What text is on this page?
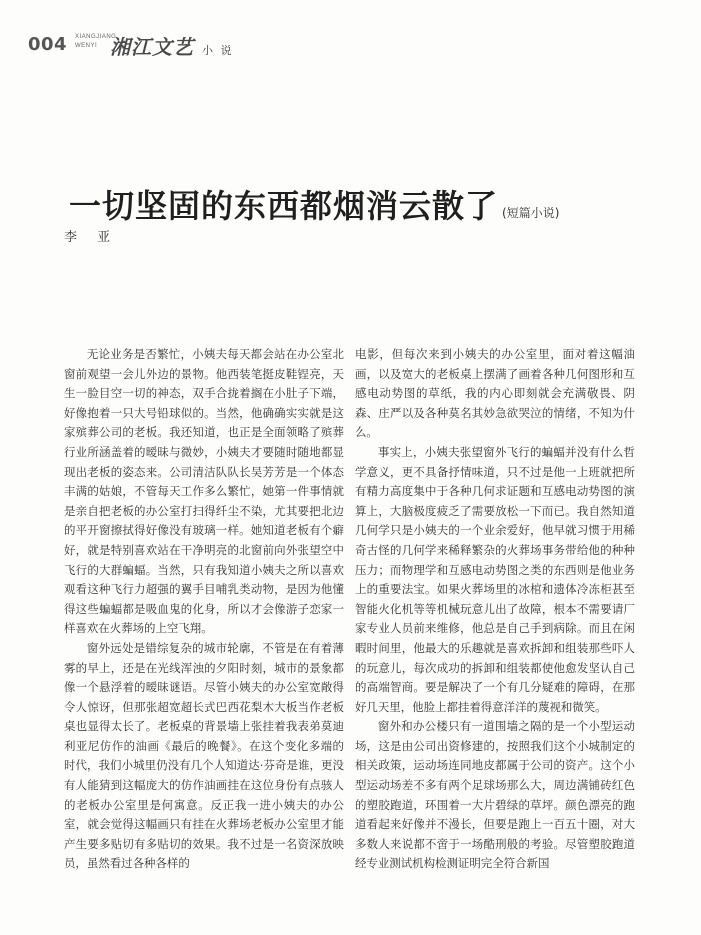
004 XIANGJIANG
WENYI 湘江文艺 小 说
一切坚固的东西都烟消云散了 (短篇小说)
李 亚

无论业务是否繁忙，小姨夫每天都会站在办公室北窗前观望一会儿外边的景物。他西装笔挺皮鞋锃亮，天生一脸目空一切的神态，双手合拢着搁在小肚子下端，好像抱着一只大号铅球似的。当然，他确确实实就是这家殡葬公司的老板。我还知道，也正是全面领略了殡葬行业所涵盖着的暧昧与微妙，小姨夫才要随时随地都显现出老板的姿态来。公司清洁队队长吴芳芳是一个体态丰满的姑娘，不管每天工作多么繁忙，她第一件事情就是亲自把老板的办公室打扫得纤尘不染，尤其要把北边的平开窗擦拭得好像没有玻璃一样。她知道老板有个癖好，就是特别喜欢站在干净明亮的北窗前向外张望空中飞行的大群蝙蝠。当然，只有我知道小姨夫之所以喜欢观看这种飞行力超强的翼手目哺乳类动物，是因为他懂得这些蝙蝠都是吸血鬼的化身，所以才会像游子恋家一样喜欢在火葬场的上空飞翔。

窗外远处是错综复杂的城市轮廓，不管是在有着薄雾的早上，还是在光线浑浊的夕阳时刻，城市的景象都像一个悬浮着的暧昧谜语。尽管小姨夫的办公室宽敞得令人惊讶，但那张超宽超长式巴西花梨木大板当作老板桌也显得太长了。老板桌的背景墙上张挂着我表弟莫迪利亚尼仿作的油画《最后的晚餐》。在这个变化多端的时代，我们小城里仍没有几个人知道达·芬奇是谁，更没有人能猜到这幅庞大的仿作油画挂在这位身份有点骇人的老板办公室里是何寓意。反正我一进小姨夫的办公室，就会觉得这幅画只有挂在火葬场老板办公室里才能产生要多贴切有多贴切的效果。我不过是一名资深放映员，虽然看过各种各样的

电影，但每次来到小姨夫的办公室里，面对着这幅油画，以及宽大的老板桌上摆满了画着各种几何图形和互感电动势图的草纸，我的内心即刻就会充满敬畏、阴森、庄严以及各种莫名其妙急欲哭泣的情绪，不知为什么。

事实上，小姨夫张望窗外飞行的蝙蝠并没有什么哲学意义，更不具备抒情味道，只不过是他一上班就把所有精力高度集中于各种几何求证题和互感电动势图的演算上，大脑极度疲乏了需要放松一下而已。我自然知道几何学只是小姨夫的一个业余爱好，他早就习惯于用稀奇古怪的几何学来稀释繁杂的火葬场事务带给他的种种压力；而物理学和互感电动势图之类的东西则是他业务上的重要法宝。如果火葬场里的冰棺和遗体冷冻柜甚至智能火化机等等机械玩意儿出了故障，根本不需要请厂家专业人员前来维修，他总是自己手到病除。而且在闲暇时间里，他最大的乐趣就是喜欢拆卸和组装那些吓人的玩意儿，每次成功的拆卸和组装都使他愈发坚认自己的高端智商。要是解决了一个有几分疑难的障碍，在那好几天里，他脸上都挂着得意洋洋的蔑视和微笑。

窗外和办公楼只有一道围墙之隔的是一个小型运动场，这是由公司出资修建的，按照我们这个小城制定的相关政策，运动场连同地皮都属于公司的资产。这个小型运动场差不多有两个足球场那么大，周边满铺砖红色的塑胶跑道，环围着一大片碧绿的草坪。颜色漂亮的跑道看起来好像并不漫长，但要是跑上一百五十圈，对大多数人来说都不啻于一场酷刑般的考验。尽管塑胶跑道经专业测试机构检测证明完全符合新国
